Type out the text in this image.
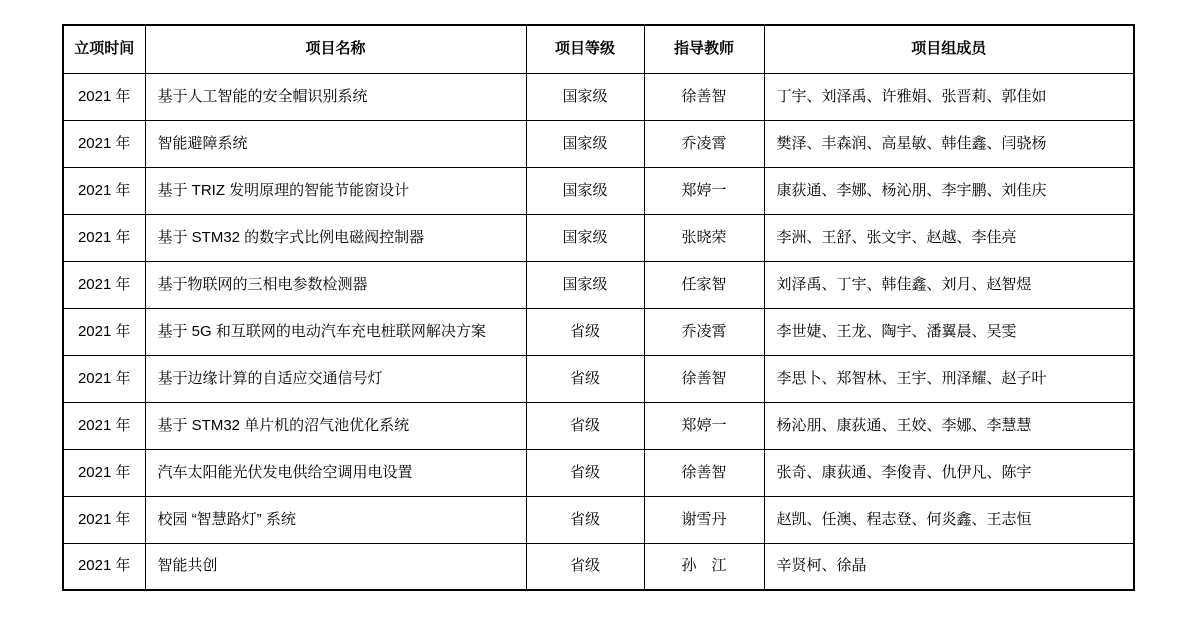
立项时间	项目名称	项目等级	指导教师	项目组成员
2021 年	基于人工智能的安全帽识别系统	国家级	徐善智	丁宇、刘泽禹、许雅娟、张晋莉、郭佳如
2021 年	智能避障系统	国家级	乔凌霄	樊泽、丰森润、高星敏、韩佳鑫、闫骁杨
2021 年	基于 TRIZ 发明原理的智能节能窗设计	国家级	郑婷一	康荻通、李娜、杨沁朋、李宇鹏、刘佳庆
2021 年	基于 STM32 的数字式比例电磁阀控制器	国家级	张晓荣	李洲、王舒、张文宇、赵越、李佳亮
2021 年	基于物联网的三相电参数检测器	国家级	任家智	刘泽禹、丁宇、韩佳鑫、刘月、赵智煜
2021 年	基于 5G 和互联网的电动汽车充电桩联网解决方案	省级	乔凌霄	李世婕、王龙、陶宇、潘翼晨、吴雯
2021 年	基于边缘计算的自适应交通信号灯	省级	徐善智	李思卜、郑智林、王宇、刑泽耀、赵子叶
2021 年	基于 STM32 单片机的沼气池优化系统	省级	郑婷一	杨沁朋、康荻通、王姣、李娜、李慧慧
2021 年	汽车太阳能光伏发电供给空调用电设置	省级	徐善智	张奇、康荻通、李俊青、仇伊凡、陈宇
2021 年	校园 “智慧路灯” 系统	省级	谢雪丹	赵凯、任澳、程志登、何炎鑫、王志恒
2021 年	智能共创	省级	孙　江	辛贤柯、徐晶
